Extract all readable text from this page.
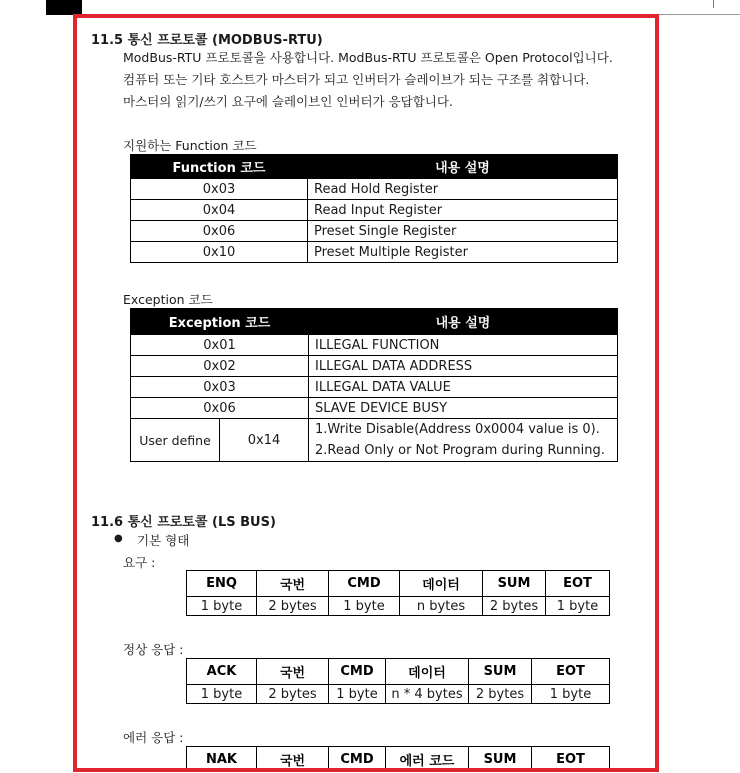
11.5 통신 프로토콜 (MODBUS-RTU)
ModBus-RTU 프로토콜을 사용합니다. ModBus-RTU 프로토콜은 Open Protocol입니다.
컴퓨터 또는 기타 호스트가 마스터가 되고 인버터가 슬레이브가 되는 구조를 취합니다.
마스터의 읽기/쓰기 요구에 슬레이브인 인버터가 응답합니다.
지원하는 Function 코드
Function 코드	내용 설명
0x03	Read Hold Register
0x04	Read Input Register
0x06	Preset Single Register
0x10	Preset Multiple Register
Exception 코드
Exception 코드		내용 설명
0x01		ILLEGAL FUNCTION
0x02		ILLEGAL DATA ADDRESS
0x03		ILLEGAL DATA VALUE
0x06		SLAVE DEVICE BUSY
User define	0x14	1.Write Disable(Address 0x0004 value is 0).
2.Read Only or Not Program during Running.
11.6 통신 프로토콜 (LS BUS)
● 기본 형태
요구 :
ENQ	국번	CMD	데이터	SUM	EOT
1 byte	2 bytes	1 byte	n bytes	2 bytes	1 byte
정상 응답 :
ACK	국번	CMD	데이터	SUM	EOT
1 byte	2 bytes	1 byte	n * 4 bytes	2 bytes	1 byte
에러 응답 :
NAK	국번	CMD	에러 코드	SUM	EOT
